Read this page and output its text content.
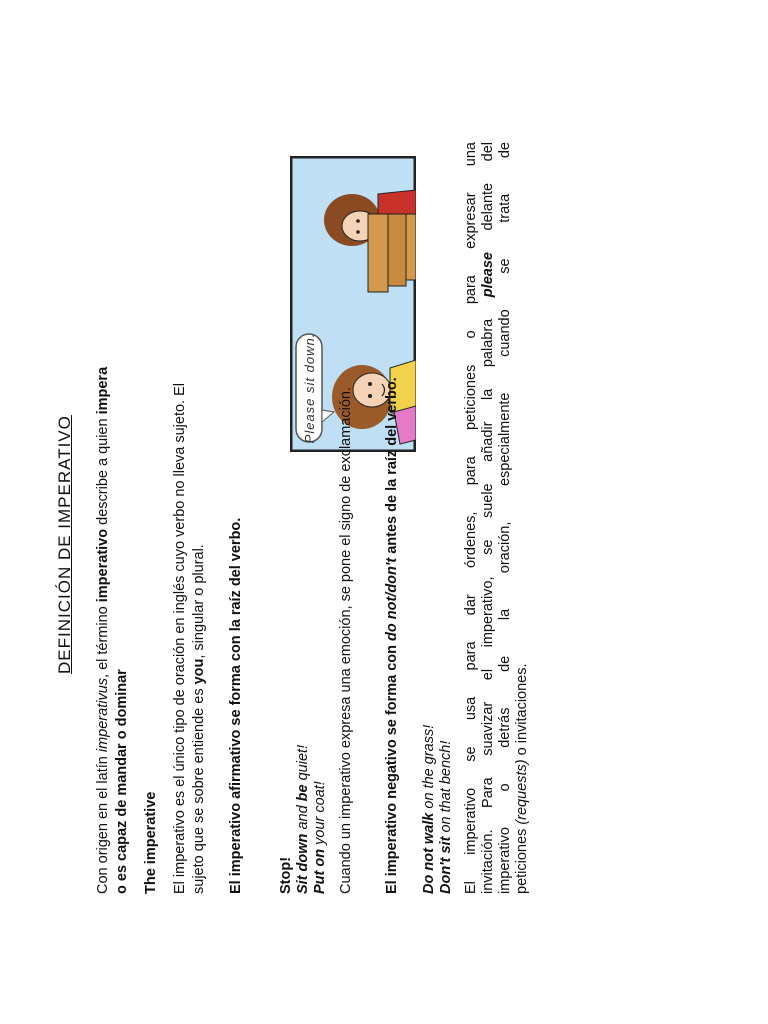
DEFINICIÓN DE IMPERATIVO
Con origen en el latín imperativus, el término imperativo describe a quien impera
o es capaz de mandar o dominar The imperative El imperativo es el único tipo de oración en inglés cuyo verbo no lleva sujeto. El sujeto que se sobre entiende es you, singular o plural. El imperativo afirmativo se forma con la raíz del verbo.
Please sit down.
Stop! Sit down and be quiet!
Put on your coat! Cuando un imperativo expresa una emoción, se pone el signo de exclamación. El imperativo negativo se forma con do not/don't antes de la raíz del verbo.
Do not walk on the grass!
Don't sit on that bench! El imperativo se usa para dar órdenes, para peticiones o para expresar una invitación. Para suavizar el imperativo, se suele añadir la palabra please delante del imperativo o detrás de la oración, especialmente cuando se trata de peticiones (requests) o invitaciones.
